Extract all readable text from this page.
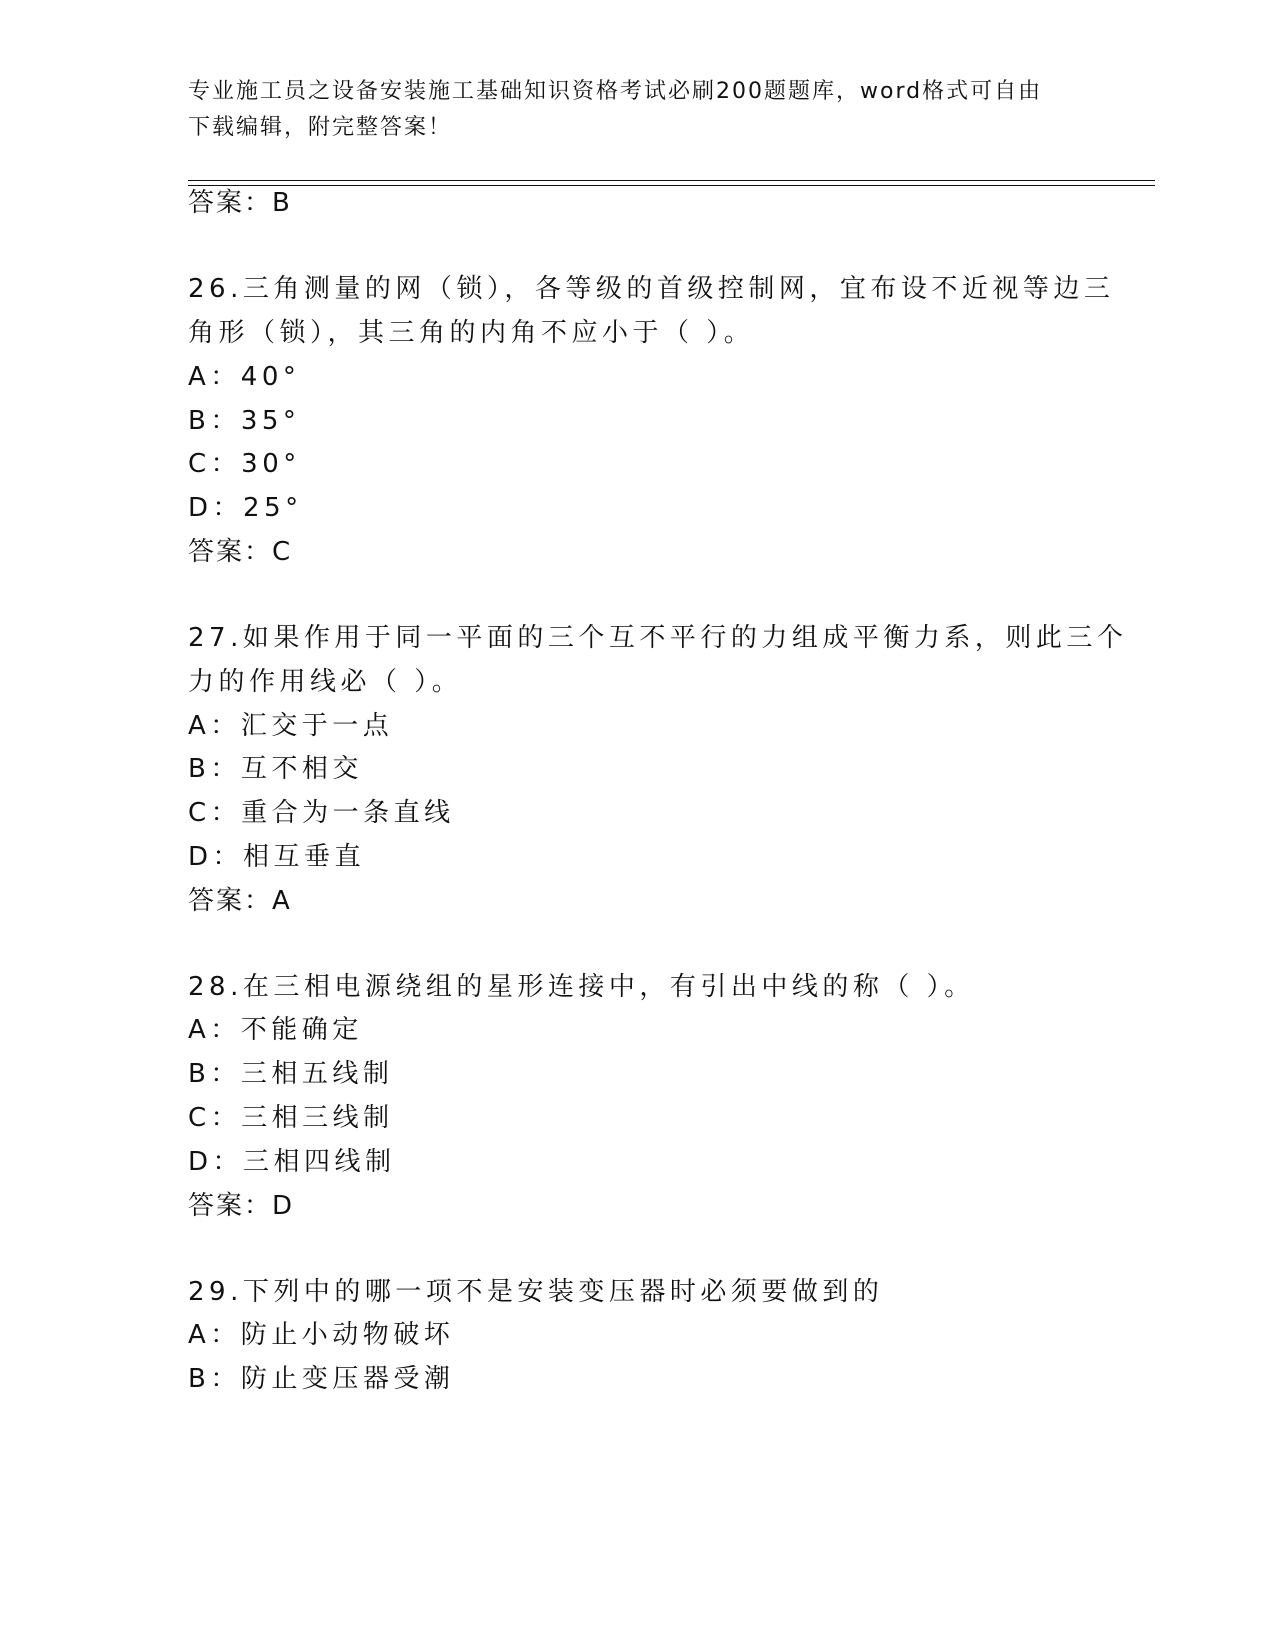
专业施工员之设备安装施工基础知识资格考试必刷200题题库，word格式可自由
下载编辑，附完整答案！
答案：B
26.三角测量的网（锁），各等级的首级控制网，宜布设不近视等边三
角形（锁），其三角的内角不应小于（ ）。
A：40°
B：35°
C：30°
D：25°
答案：C
27.如果作用于同一平面的三个互不平行的力组成平衡力系，则此三个
力的作用线必（ ）。
A：汇交于一点
B：互不相交
C：重合为一条直线
D：相互垂直
答案：A
28.在三相电源绕组的星形连接中，有引出中线的称（ ）。
A：不能确定
B：三相五线制
C：三相三线制
D：三相四线制
答案：D
29.下列中的哪一项不是安装变压器时必须要做到的
A：防止小动物破坏
B：防止变压器受潮
